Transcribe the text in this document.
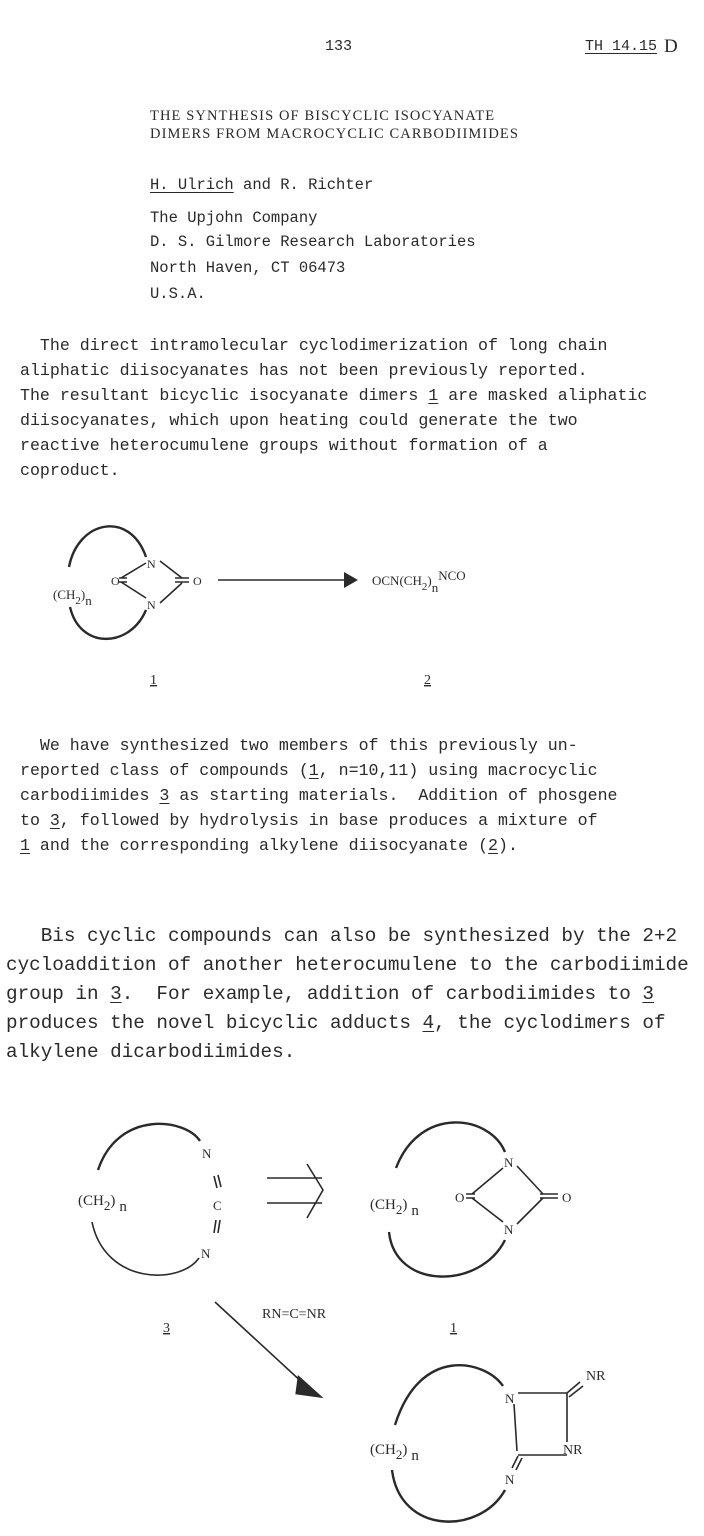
133	TH 14.15 D
THE SYNTHESIS OF BISCYCLIC ISOCYANATE
DIMERS FROM MACROCYCLIC CARBODIIMIDES
H. Ulrich and R. Richter
The Upjohn Company
D. S. Gilmore Research Laboratories
North Haven, CT 06473
U.S.A.
The direct intramolecular cyclodimerization of long chain
aliphatic diisocyanates has not been previously reported.
The resultant bicyclic isocyanate dimers 1 are masked aliphatic
diisocyanates, which upon heating could generate the two
reactive heterocumulene groups without formation of a
coproduct.
We have synthesized two members of this previously un-
reported class of compounds (1, n=10,11) using macrocyclic
carbodiimides 3 as starting materials.  Addition of phosgene
to 3, followed by hydrolysis in base produces a mixture of
1 and the corresponding alkylene diisocyanate (2).
Bis cyclic compounds can also be synthesized by the 2+2
cycloaddition of another heterocumulene to the carbodiimide
group in 3.  For example, addition of carbodiimides to 3
produces the novel bicyclic adducts 4, the cyclodimers of
alkylene dicarbodiimides.
$(CH_2)n$
N
N
O	O	$OCN(CH_2)nNCO$
1	2
(CH2) n
N
C
N
3
RN=C=NR
(CH2) n
N
N
O	O
1
(CH2) n
N
N
NR
NR
